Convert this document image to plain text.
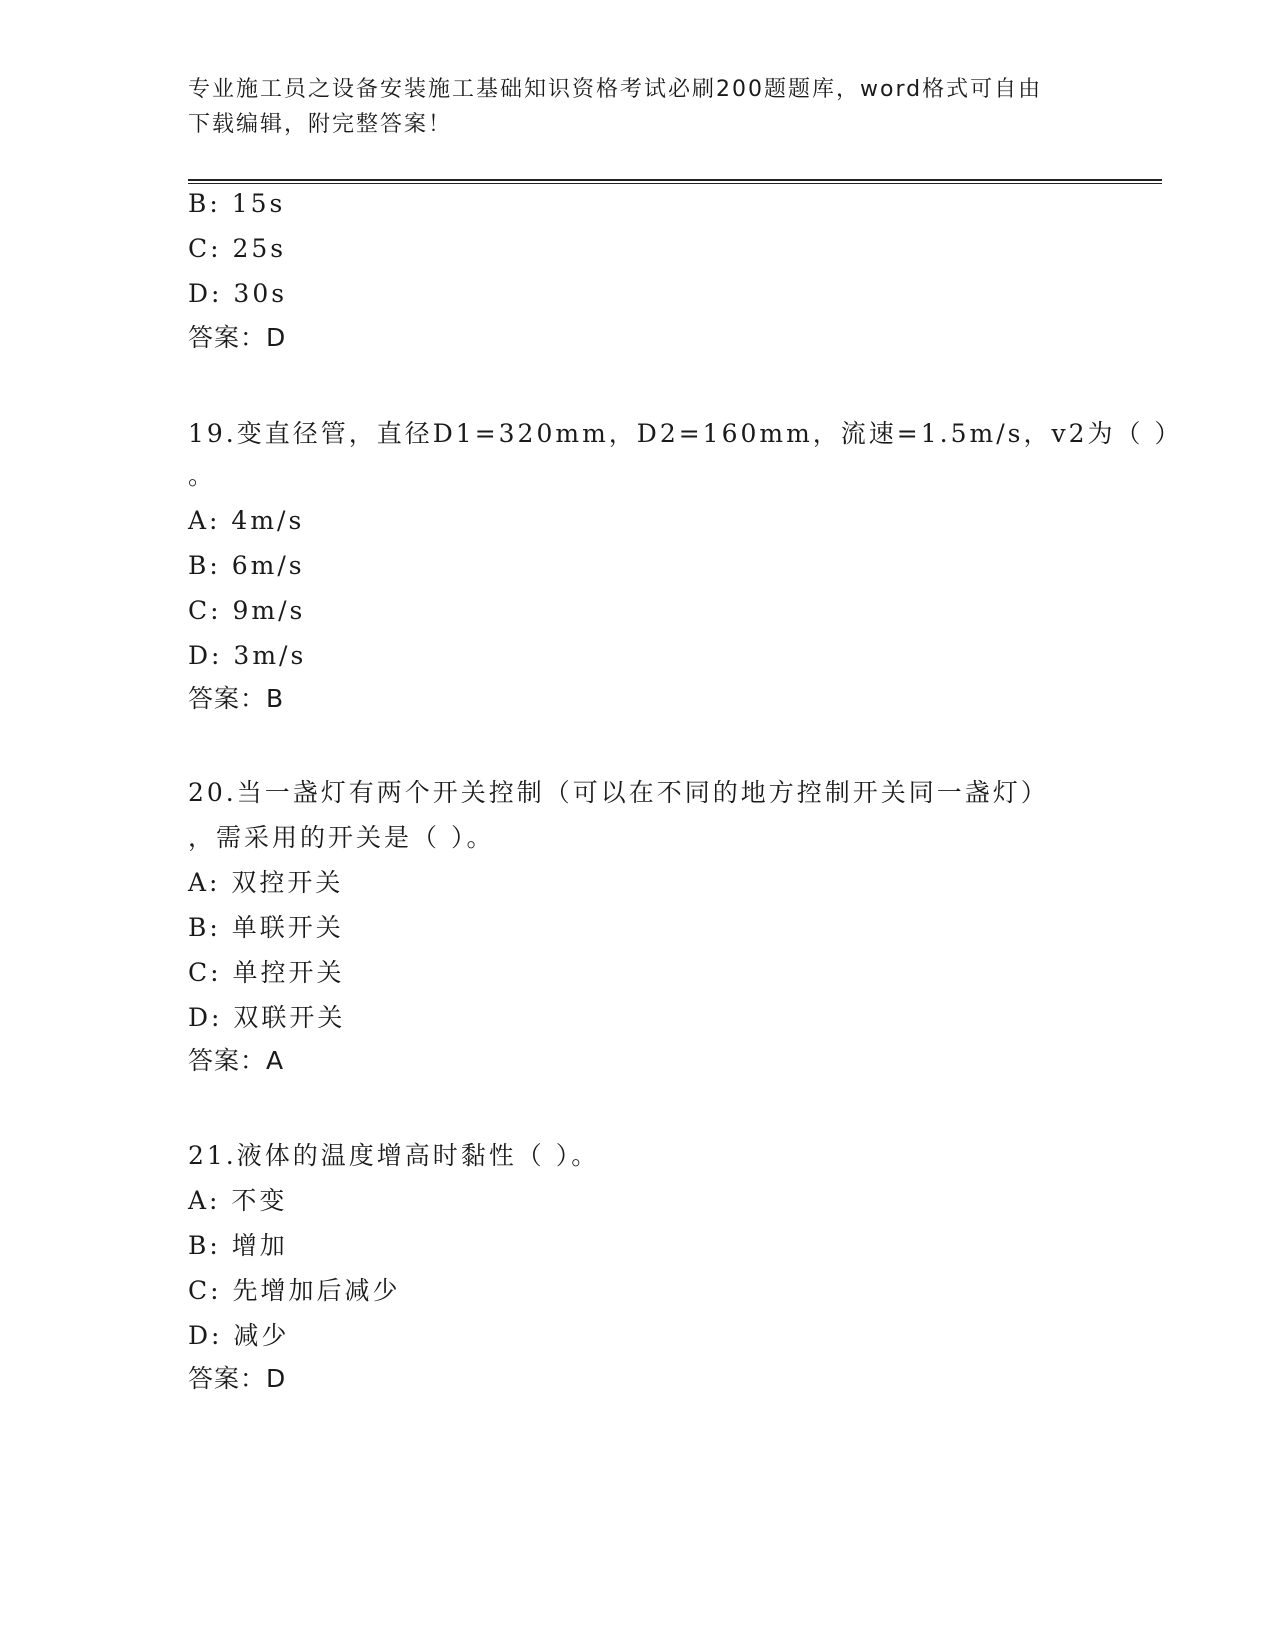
专业施工员之设备安装施工基础知识资格考试必刷200题题库，word格式可自由
下载编辑，附完整答案！
B: 15s
C: 25s
D: 30s
答案：D
19.变直径管，直径D1=320mm，D2=160mm，流速=1.5m/s，v2为（ ）
。
A: 4m/s
B: 6m/s
C: 9m/s
D: 3m/s
答案：B
20.当一盏灯有两个开关控制（可以在不同的地方控制开关同一盏灯）
，需采用的开关是（ ）。
A: 双控开关
B: 单联开关
C: 单控开关
D: 双联开关
答案：A
21.液体的温度增高时黏性（ ）。
A: 不变
B: 增加
C: 先增加后减少
D: 减少
答案：D
